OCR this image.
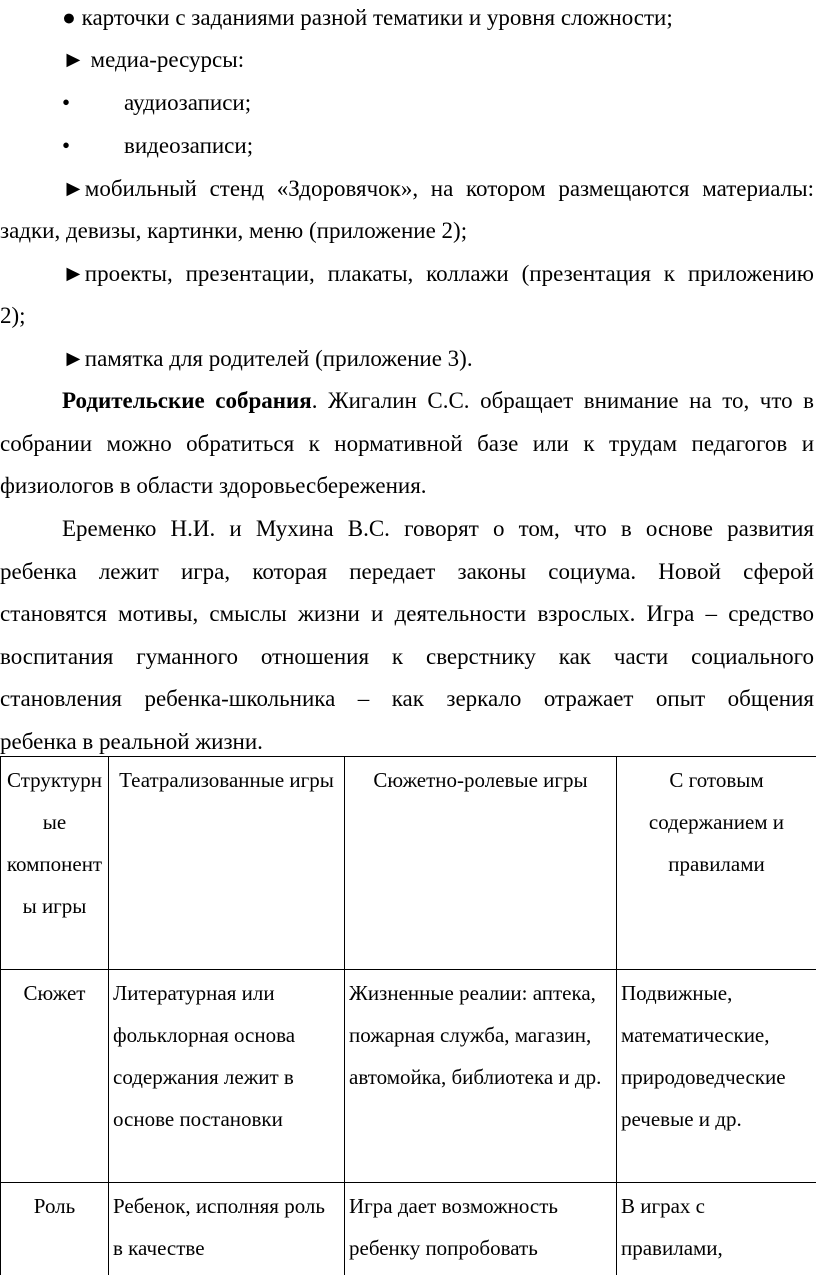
● карточки с заданиями разной тематики и уровня сложности;
► медиа-ресурсы:
• аудиозаписи;
• видеозаписи;
►мобильный стенд «Здоровячок», на котором размещаются материалы:
задки, девизы, картинки, меню (приложение 2);
►проекты, презентации, плакаты, коллажи (презентация к приложению
2);
►памятка для родителей (приложение 3).
Родительские собрания. Жигалин С.С. обращает внимание на то, что в
собрании можно обратиться к нормативной базе или к трудам педагогов и
физиологов в области здоровьесбережения.
Еременко Н.И. и Мухина В.С. говорят о том, что в основе развития
ребенка лежит игра, которая передает законы социума. Новой сферой
становятся мотивы, смыслы жизни и деятельности взрослых. Игра – средство
воспитания гуманного отношения к сверстнику как части социального
становления ребенка-школьника – как зеркало отражает опыт общения
ребенка в реальной жизни.
Структурные компоненты игры	Театрализованные игры	Сюжетно-ролевые игры	С готовым содержанием и правилами
Сюжет	Литературная или фольклорная основа содержания лежит в основе постановки	Жизненные реалии: аптека, пожарная служба, магазин, автомойка, библиотека и др.	Подвижные, математические, природоведческие речевые и др.
Роль	Ребенок, исполняя роль в качестве	Игра дает возможность ребенку попробовать	В играх с правилами,
